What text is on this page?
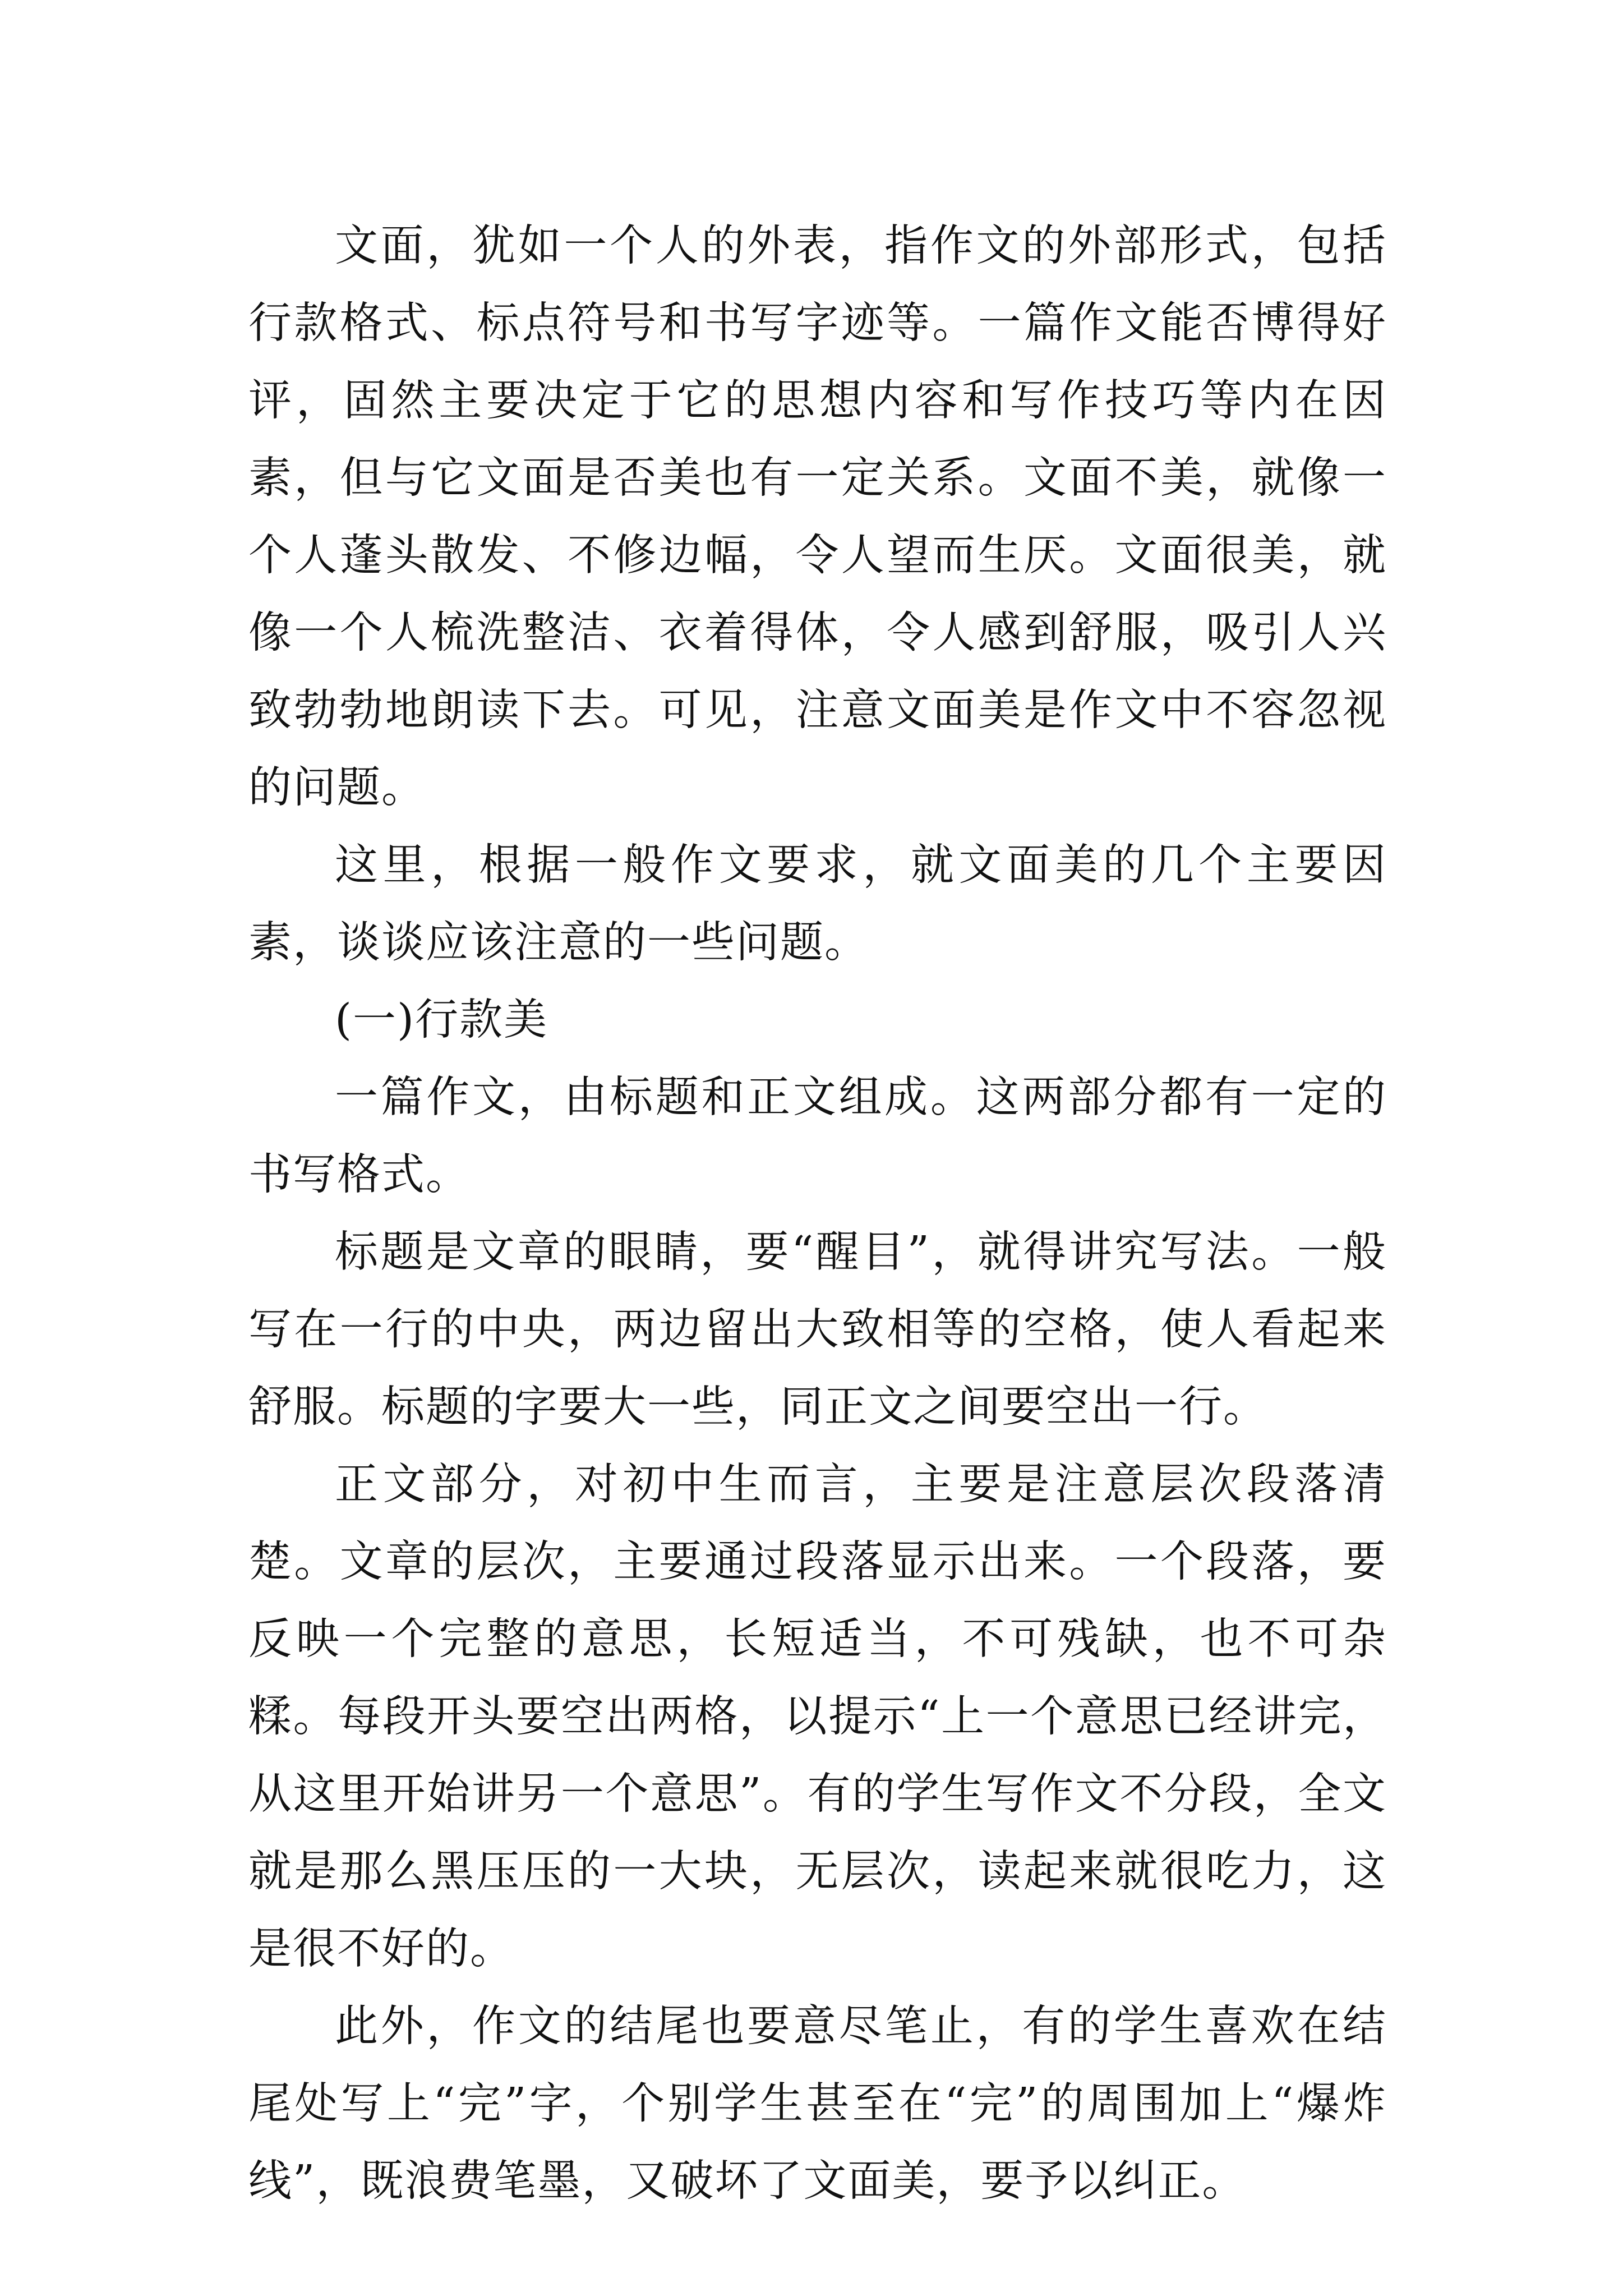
文面，犹如一个人的外表，指作文的外部形式，包括行款格式、标点符号和书写字迹等。一篇作文能否博得好评，固然主要决定于它的思想内容和写作技巧等内在因素，但与它文面是否美也有一定关系。文面不美，就像一个人蓬头散发、不修边幅，令人望而生厌。文面很美，就像一个人梳洗整洁、衣着得体，令人感到舒服，吸引人兴致勃勃地朗读下去。可见，注意文面美是作文中不容忽视的问题。

这里，根据一般作文要求，就文面美的几个主要因素，谈谈应该注意的一些问题。

(一)行款美

一篇作文，由标题和正文组成。这两部分都有一定的书写格式。

标题是文章的眼睛，要“醒目”，就得讲究写法。一般写在一行的中央，两边留出大致相等的空格，使人看起来舒服。标题的字要大一些，同正文之间要空出一行。

正文部分，对初中生而言，主要是注意层次段落清楚。文章的层次，主要通过段落显示出来。一个段落，要反映一个完整的意思，长短适当，不可残缺，也不可杂糅。每段开头要空出两格，以提示“上一个意思已经讲完，从这里开始讲另一个意思”。有的学生写作文不分段，全文就是那么黑压压的一大块，无层次，读起来就很吃力，这是很不好的。

此外，作文的结尾也要意尽笔止，有的学生喜欢在结尾处写上“完”字，个别学生甚至在“完”的周围加上“爆炸线”，既浪费笔墨，又破坏了文面美，要予以纠正。
